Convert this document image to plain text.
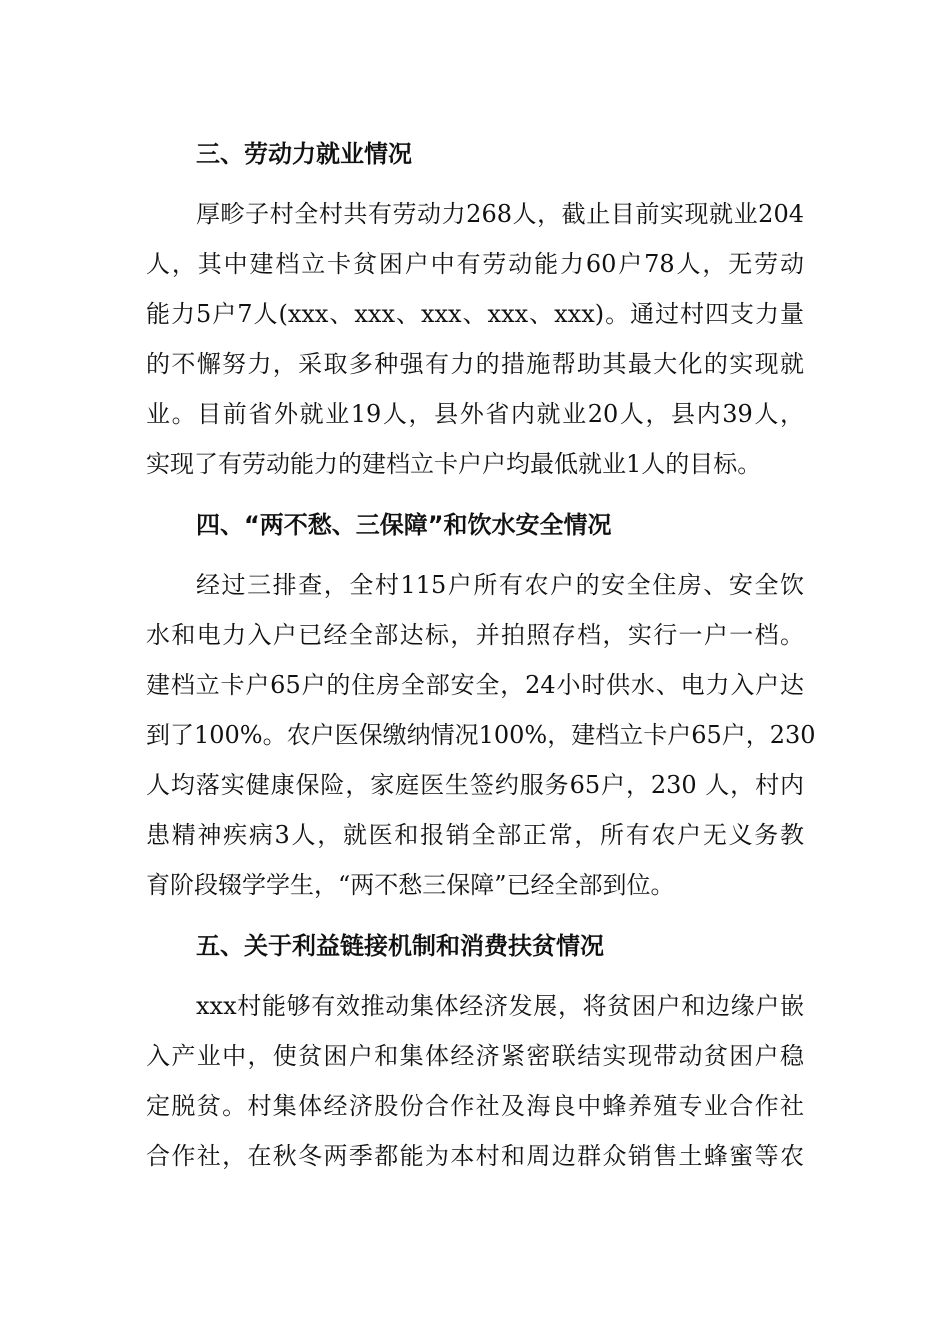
三、劳动力就业情况
厚畛子村全村共有劳动力268人，截止目前实现就业204
人，其中建档立卡贫困户中有劳动能力60户78人，无劳动
能力5户7人(xxx、xxx、xxx、xxx、xxx)。通过村四支力量
的不懈努力，采取多种强有力的措施帮助其最大化的实现就
业。目前省外就业19人，县外省内就业20人，县内39人，
实现了有劳动能力的建档立卡户户均最低就业1人的目标。
四、“两不愁、三保障”和饮水安全情况
经过三排查，全村115户所有农户的安全住房、安全饮
水和电力入户已经全部达标，并拍照存档，实行一户一档。
建档立卡户65户的住房全部安全，24小时供水、电力入户达
到了100%。农户医保缴纳情况100%，建档立卡户65户，230
人均落实健康保险，家庭医生签约服务65户，230 人，村内
患精神疾病3人，就医和报销全部正常，所有农户无义务教
育阶段辍学学生，“两不愁三保障”已经全部到位。
五、关于利益链接机制和消费扶贫情况
xxx村能够有效推动集体经济发展，将贫困户和边缘户嵌
入产业中，使贫困户和集体经济紧密联结实现带动贫困户稳
定脱贫。村集体经济股份合作社及海良中蜂养殖专业合作社
合作社，在秋冬两季都能为本村和周边群众销售土蜂蜜等农
